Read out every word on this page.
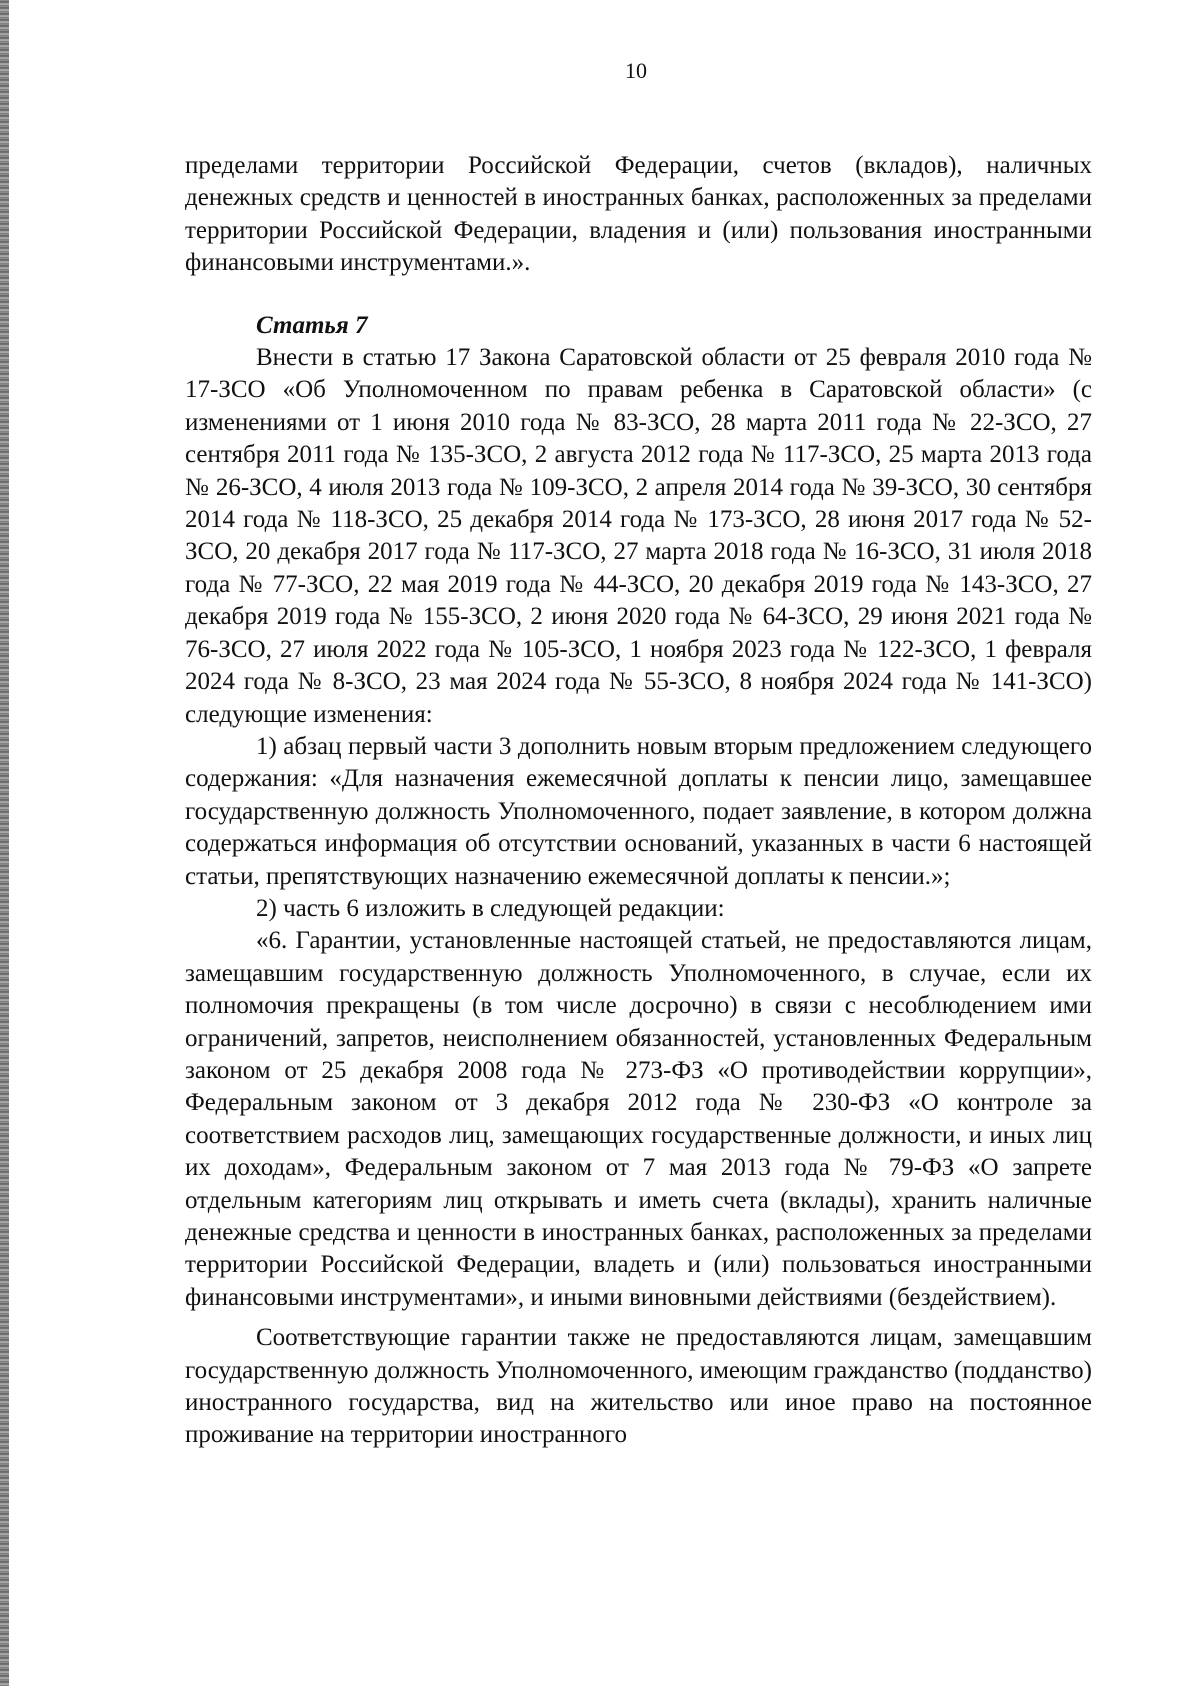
10

пределами территории Российской Федерации, счетов (вкладов), наличных денежных средств и ценностей в иностранных банках, расположенных за пределами территории Российской Федерации, владения и (или) пользования иностранными финансовыми инструментами.».

Статья 7

Внести в статью 17 Закона Саратовской области от 25 февраля 2010 года № 17-ЗСО «Об Уполномоченном по правам ребенка в Саратовской области» (с изменениями от 1 июня 2010 года № 83-ЗСО, 28 марта 2011 года № 22-ЗСО, 27 сентября 2011 года № 135-ЗСО, 2 августа 2012 года № 117-ЗСО, 25 марта 2013 года № 26-ЗСО, 4 июля 2013 года № 109-ЗСО, 2 апреля 2014 года № 39-ЗСО, 30 сентября 2014 года № 118-ЗСО, 25 декабря 2014 года № 173-ЗСО, 28 июня 2017 года № 52-ЗСО, 20 декабря 2017 года № 117-ЗСО, 27 марта 2018 года № 16-ЗСО, 31 июля 2018 года № 77-ЗСО, 22 мая 2019 года № 44-ЗСО, 20 декабря 2019 года № 143-ЗСО, 27 декабря 2019 года № 155-ЗСО, 2 июня 2020 года № 64-ЗСО, 29 июня 2021 года № 76-ЗСО, 27 июля 2022 года № 105-ЗСО, 1 ноября 2023 года № 122-ЗСО, 1 февраля 2024 года № 8-ЗСО, 23 мая 2024 года № 55-ЗСО, 8 ноября 2024 года № 141-ЗСО) следующие изменения:

1) абзац первый части 3 дополнить новым вторым предложением следующего содержания: «Для назначения ежемесячной доплаты к пенсии лицо, замещавшее государственную должность Уполномоченного, подает заявление, в котором должна содержаться информация об отсутствии оснований, указанных в части 6 настоящей статьи, препятствующих назначению ежемесячной доплаты к пенсии.»;

2) часть 6 изложить в следующей редакции:

«6. Гарантии, установленные настоящей статьей, не предоставляются лицам, замещавшим государственную должность Уполномоченного, в случае, если их полномочия прекращены (в том числе досрочно) в связи с несоблюдением ими ограничений, запретов, неисполнением обязанностей, установленных Федеральным законом от 25 декабря 2008 года № 273-ФЗ «О противодействии коррупции», Федеральным законом от 3 декабря 2012 года № 230-ФЗ «О контроле за соответствием расходов лиц, замещающих государственные должности, и иных лиц их доходам», Федеральным законом от 7 мая 2013 года № 79-ФЗ «О запрете отдельным категориям лиц открывать и иметь счета (вклады), хранить наличные денежные средства и ценности в иностранных банках, расположенных за пределами территории Российской Федерации, владеть и (или) пользоваться иностранными финансовыми инструментами», и иными виновными действиями (бездействием).

Соответствующие гарантии также не предоставляются лицам, замещавшим государственную должность Уполномоченного, имеющим гражданство (подданство) иностранного государства, вид на жительство или иное право на постоянное проживание на территории иностранного
